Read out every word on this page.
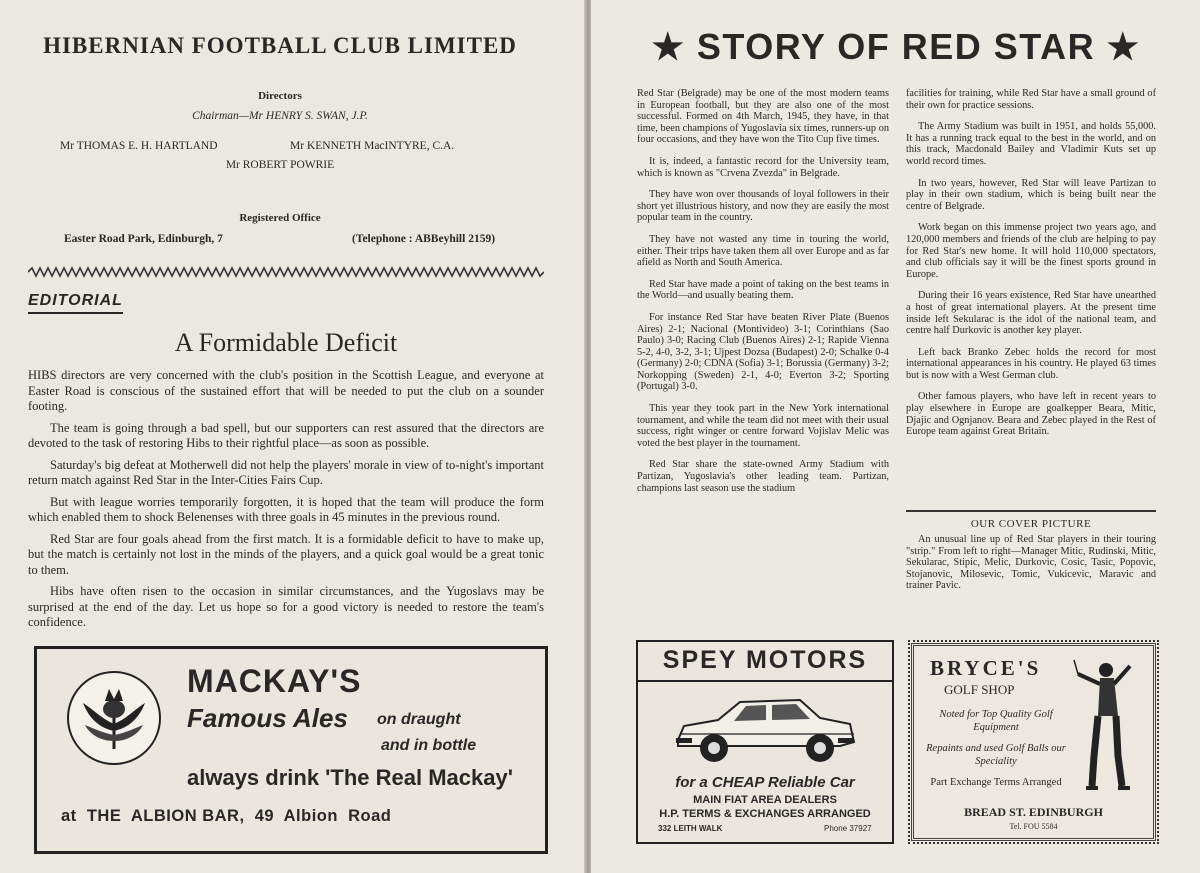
HIBERNIAN FOOTBALL CLUB LIMITED
Directors
Chairman—Mr HENRY S. SWAN, J.P.
Mr THOMAS E. H. HARTLAND	Mr KENNETH MacINTYRE, C.A.
Mr ROBERT POWRIE
Registered Office
Easter Road Park, Edinburgh, 7	(Telephone : ABBeyhill 2159)
EDITORIAL
A Formidable Deficit

HIBS directors are very concerned with the club's position in the Scottish League, and everyone at Easter Road is conscious of the sustained effort that will be needed to put the club on a sounder footing.

The team is going through a bad spell, but our supporters can rest assured that the directors are devoted to the task of restoring Hibs to their rightful place—as soon as possible.

Saturday's big defeat at Motherwell did not help the players' morale in view of to-night's important return match against Red Star in the Inter-Cities Fairs Cup.

But with league worries temporarily forgotten, it is hoped that the team will produce the form which enabled them to shock Belenenses with three goals in 45 minutes in the previous round.

Red Star are four goals ahead from the first match. It is a formidable deficit to have to make up, but the match is certainly not lost in the minds of the players, and a quick goal would be a great tonic to them.

Hibs have often risen to the occasion in similar circumstances, and the Yugoslavs may be surprised at the end of the day. Let us hope so for a good victory is needed to restore the team's confidence.

MACKAY'S
Famous Ales on draught
and in bottle
always drink 'The Real Mackay'
at  THE  ALBION BAR,  49  Albion  Road
★ STORY OF RED STAR ★

Red Star (Belgrade) may be one of the most modern teams in European football, but they are also one of the most successful. Formed on 4th March, 1945, they have, in that time, been champions of Yugoslavia six times, runners-up on four occasions, and they have won the Tito Cup five times.

It is, indeed, a fantastic record for the University team, which is known as "Crvena Zvezda" in Belgrade.

They have won over thousands of loyal followers in their short yet illustrious history, and now they are easily the most popular team in the country.

They have not wasted any time in touring the world, either. Their trips have taken them all over Europe and as far afield as North and South America.

Red Star have made a point of taking on the best teams in the World—and usually beating them.

For instance Red Star have beaten River Plate (Buenos Aires) 2-1; Nacional (Montivideo) 3-1; Corinthians (Sao Paulo) 3-0; Racing Club (Buenos Aires) 2-1; Rapide Vienna 5-2, 4-0, 3-2, 3-1; Ujpest Dozsa (Budapest) 2-0; Schalke 0-4 (Germany) 2-0; CDNA (Sofia) 3-1; Borussia (Germany) 3-2; Norkopping (Sweden) 2-1, 4-0; Everton 3-2; Sporting (Portugal) 3-0.

This year they took part in the New York international tournament, and while the team did not meet with their usual success, right winger or centre forward Vojislav Melic was voted the best player in the tournament.

Red Star share the state-owned Army Stadium with Partizan, Yugoslavia's other leading team. Partizan, champions last season use the stadium

facilities for training, while Red Star have a small ground of their own for practice sessions.

The Army Stadium was built in 1951, and holds 55,000. It has a running track equal to the best in the world, and on this track, Macdonald Bailey and Vladimir Kuts set up world record times.

In two years, however, Red Star will leave Partizan to play in their own stadium, which is being built near the centre of Belgrade.

Work began on this immense project two years ago, and 120,000 members and friends of the club are helping to pay for Red Star's new home. It will hold 110,000 spectators, and club officials say it will be the finest sports ground in Europe.

During their 16 years existence, Red Star have unearthed a host of great international players. At the present time inside left Sekularac is the idol of the national team, and centre half Durkovic is another key player.

Left back Branko Zebec holds the record for most international appearances in his country. He played 63 times but is now with a West German club.

Other famous players, who have left in recent years to play elsewhere in Europe are goalkepper Beara, Mitic, Djajic and Ognjanov. Beara and Zebec played in the Rest of Europe team against Great Britain.

OUR COVER PICTURE

An unusual line up of Red Star players in their touring "strip." From left to right—Manager Mitic, Rudinski, Mitic, Sekularac, Stipic, Melic, Durkovic, Cosic, Tasic, Popovic, Stojanovic, Milosevic, Tomic, Vukicevic, Maravic and trainer Pavic.

SPEY MOTORS
for a CHEAP Reliable Car
MAIN FIAT AREA DEALERS
H.P. TERMS & EXCHANGES ARRANGED
332 LEITH WALK	Phone 37927
BRYCE'S
GOLF SHOP
Noted for Top Quality Golf Equipment
Repaints and used Golf Balls our Speciality
Part Exchange Terms Arranged
BREAD ST. EDINBURGH
Tel. FOU 5584
